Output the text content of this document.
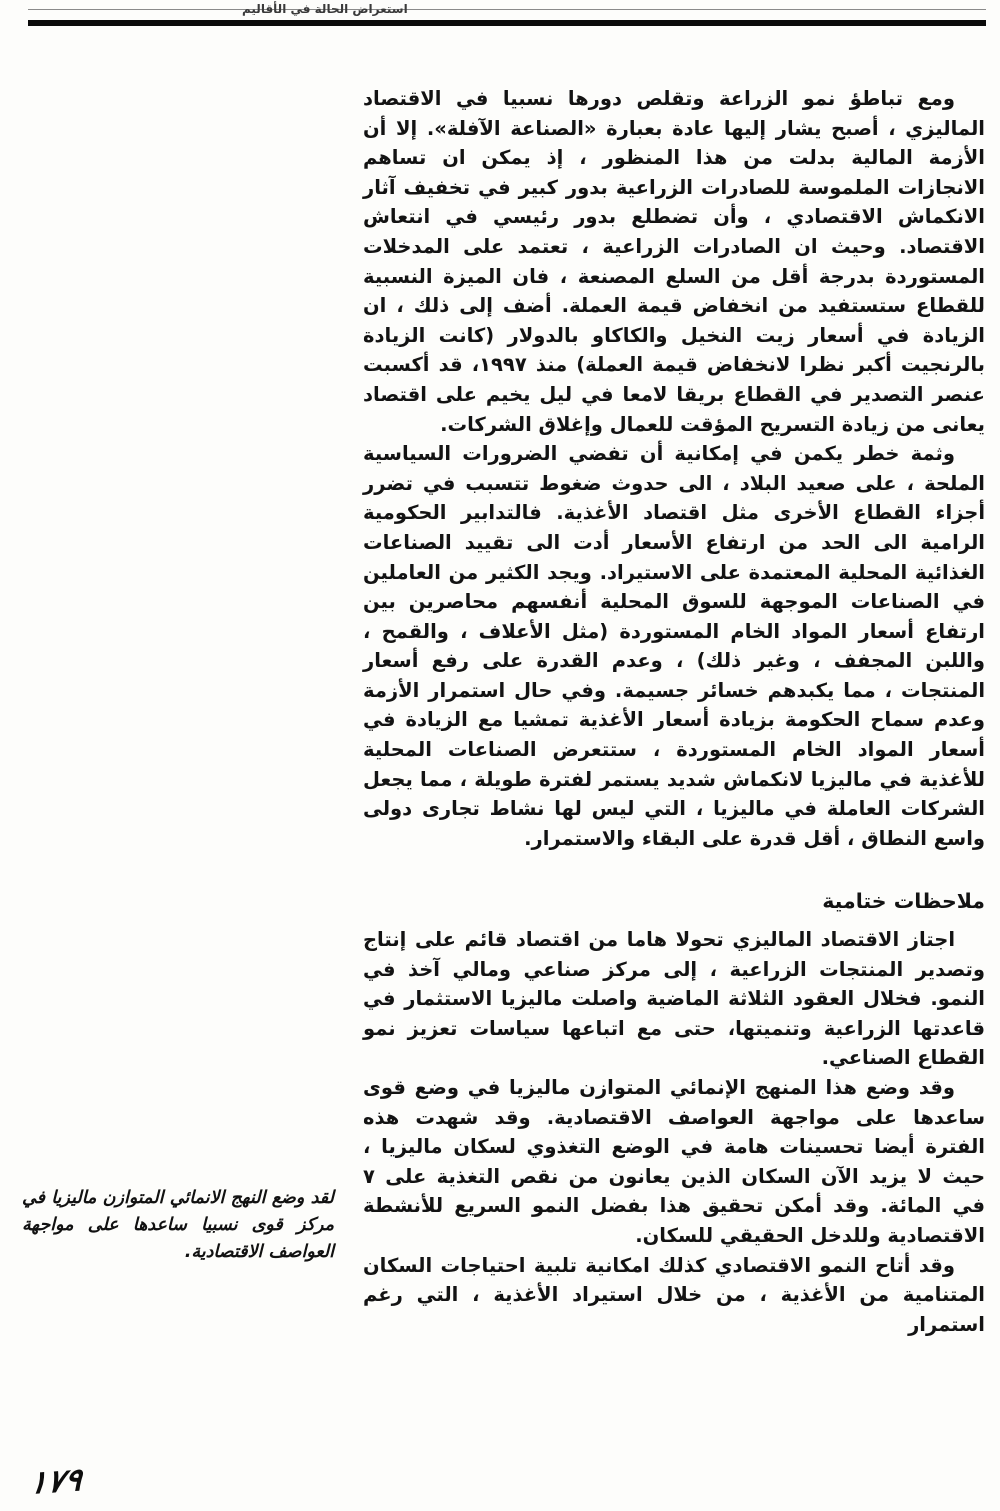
استعراض الحالة في الأقاليم

ومع تباطؤ نمو الزراعة وتقلص دورها نسبيا في الاقتصاد الماليزي ، أصبح يشار إليها عادة بعبارة «الصناعة الآفلة». إلا أن الأزمة المالية بدلت من هذا المنظور ، إذ يمكن ان تساهم الانجازات الملموسة للصادرات الزراعية بدور كبير في تخفيف آثار الانكماش الاقتصادي ، وأن تضطلع بدور رئيسي في انتعاش الاقتصاد. وحيث ان الصادرات الزراعية ، تعتمد على المدخلات المستوردة بدرجة أقل من السلع المصنعة ، فان الميزة النسبية للقطاع ستستفيد من انخفاض قيمة العملة. أضف إلى ذلك ، ان الزيادة في أسعار زيت النخيل والكاكاو بالدولار (كانت الزيادة بالرنجيت أكبر نظرا لانخفاض قيمة العملة) منذ ١٩٩٧، قد أكسبت عنصر التصدير في القطاع بريقا لامعا في ليل يخيم على اقتصاد يعانى من زيادة التسريح المؤقت للعمال وإغلاق الشركات.

وثمة خطر يكمن في إمكانية أن تفضي الضرورات السياسية الملحة ، على صعيد البلاد ، الى حدوث ضغوط تتسبب في تضرر أجزاء القطاع الأخرى مثل اقتصاد الأغذية. فالتدابير الحكومية الرامية الى الحد من ارتفاع الأسعار أدت الى تقييد الصناعات الغذائية المحلية المعتمدة على الاستيراد. ويجد الكثير من العاملين في الصناعات الموجهة للسوق المحلية أنفسهم محاصرين بين ارتفاع أسعار المواد الخام المستوردة (مثل الأعلاف ، والقمح ، واللبن المجفف ، وغير ذلك) ، وعدم القدرة على رفع أسعار المنتجات ، مما يكبدهم خسائر جسيمة. وفي حال استمرار الأزمة وعدم سماح الحكومة بزيادة أسعار الأغذية تمشيا مع الزيادة في أسعار المواد الخام المستوردة ، ستتعرض الصناعات المحلية للأغذية في ماليزيا لانكماش شديد يستمر لفترة طويلة ، مما يجعل الشركات العاملة في ماليزيا ، التي ليس لها نشاط تجارى دولى واسع النطاق ، أقل قدرة على البقاء والاستمرار.

ملاحظات ختامية

اجتاز الاقتصاد الماليزي تحولا هاما من اقتصاد قائم على إنتاج وتصدير المنتجات الزراعية ، إلى مركز صناعي ومالي آخذ في النمو. فخلال العقود الثلاثة الماضية واصلت ماليزيا الاستثمار في قاعدتها الزراعية وتنميتها، حتى مع اتباعها سياسات تعزيز نمو القطاع الصناعي.

وقد وضع هذا المنهج الإنمائي المتوازن ماليزيا في وضع قوى ساعدها على مواجهة العواصف الاقتصادية. وقد شهدت هذه الفترة أيضا تحسينات هامة في الوضع التغذوي لسكان ماليزيا ، حيث لا يزيد الآن السكان الذين يعانون من نقص التغذية على ٧ في المائة. وقد أمكن تحقيق هذا بفضل النمو السريع للأنشطة الاقتصادية وللدخل الحقيقي للسكان.

وقد أتاح النمو الاقتصادي كذلك امكانية تلبية احتياجات السكان المتنامية من الأغذية ، من خلال استيراد الأغذية ، التي رغم استمرار

لقد وضع النهج الانمائي المتوازن ماليزيا في مركز قوى نسبيا ساعدها على مواجهة العواصف الاقتصادية.
١٧٩
